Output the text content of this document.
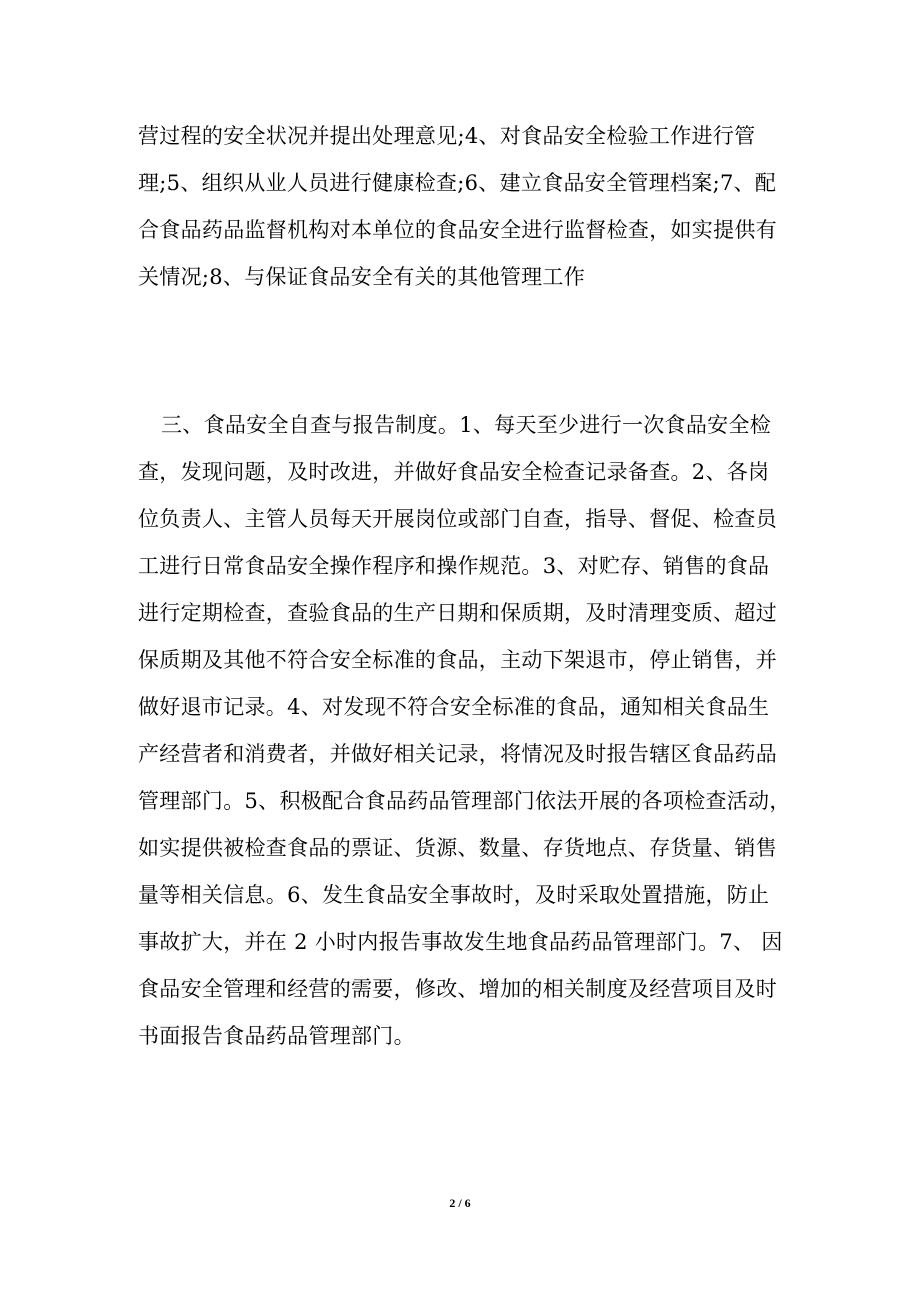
营过程的安全状况并提出处理意见;4、对食品安全检验工作进行管
理;5、组织从业人员进行健康检查;6、建立食品安全管理档案;7、配
合食品药品监督机构对本单位的食品安全进行监督检查，如实提供有
关情况;8、与保证食品安全有关的其他管理工作
三、食品安全自查与报告制度。1、每天至少进行一次食品安全检
查，发现问题，及时改进，并做好食品安全检查记录备查。2、各岗
位负责人、主管人员每天开展岗位或部门自查，指导、督促、检查员
工进行日常食品安全操作程序和操作规范。3、对贮存、销售的食品
进行定期检查，查验食品的生产日期和保质期，及时清理变质、超过
保质期及其他不符合安全标准的食品，主动下架退市，停止销售，并
做好退市记录。4、对发现不符合安全标准的食品，通知相关食品生
产经营者和消费者，并做好相关记录，将情况及时报告辖区食品药品
管理部门。5、积极配合食品药品管理部门依法开展的各项检查活动，
如实提供被检查食品的票证、货源、数量、存货地点、存货量、销售
量等相关信息。6、发生食品安全事故时，及时采取处置措施，防止
事故扩大，并在 2 小时内报告事故发生地食品药品管理部门。7、 因
食品安全管理和经营的需要，修改、增加的相关制度及经营项目及时
书面报告食品药品管理部门。
2 / 6
